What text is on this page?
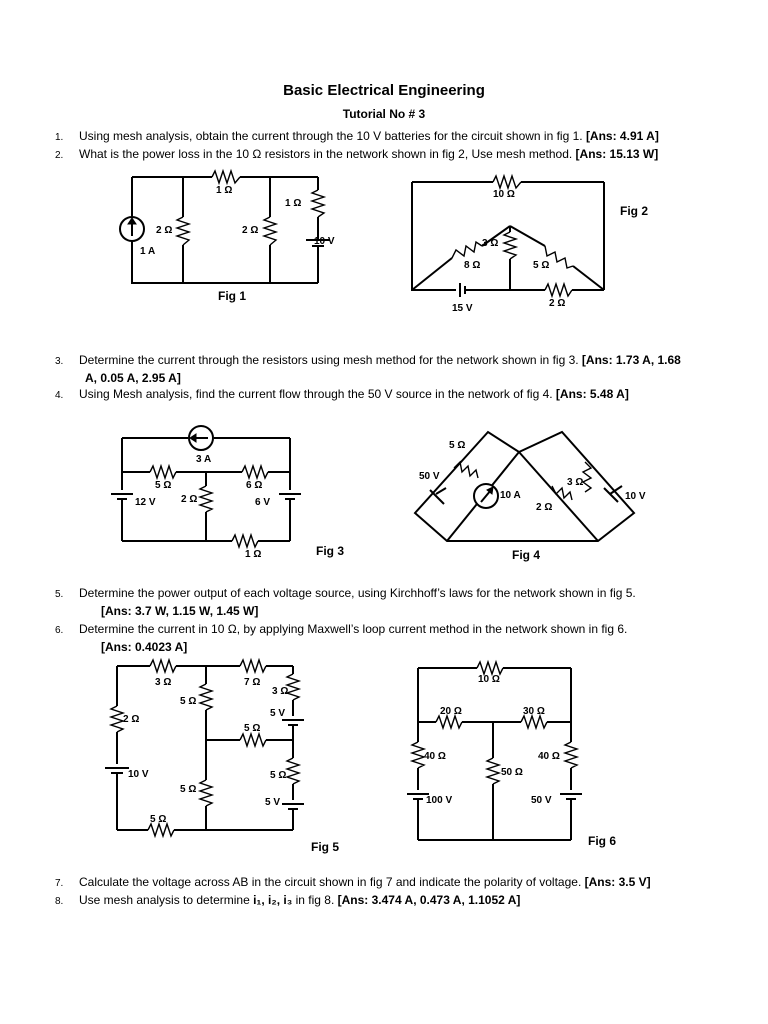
Basic Electrical Engineering
Tutorial No # 3
1. Using mesh analysis, obtain the current through the 10 V batteries for the circuit shown in fig 1. [Ans: 4.91 A]
2. What is the power loss in the 10 Ω resistors in the network shown in fig 2, Use mesh method. [Ans: 15.13 W]
3. Determine the current through the resistors using mesh method for the network shown in fig 3. [Ans: 1.73 A, 1.68
A, 0.05 A, 2.95 A]
4. Using Mesh analysis, find the current flow through the 50 V source in the network of fig 4. [Ans: 5.48 A]
5. Determine the power output of each voltage source, using Kirchhoff’s laws for the network shown in fig 5.
[Ans: 3.7 W, 1.15 W, 1.45 W]
6. Determine the current in 10 Ω, by applying Maxwell’s loop current method in the network shown in fig 6.
[Ans: 0.4023 A]
7. Calculate the voltage across AB in the circuit shown in fig 7 and indicate the polarity of voltage. [Ans: 3.5 V]
8. Use mesh analysis to determine i₁, i₂, i₃ in fig 8. [Ans: 3.474 A, 0.473 A, 1.1052 A]
1 Ω
2 Ω	2 Ω
1 Ω
10 V
1 A
Fig 1
10 Ω
3 Ω
8 Ω	5 Ω
2 Ω
15 V
Fig 2
3 A
5 Ω	6 Ω
2 Ω
12 V	6 V
1 Ω	Fig 3
5 Ω
50 V
10 A
3 Ω
2 Ω
10 V
Fig 4
3 Ω	7 Ω
5 Ω
3 Ω
5 V
2 Ω
5 Ω
10 V
5 Ω
5 Ω
5 V
5 Ω
Fig 5
10 Ω
20 Ω	30 Ω
40 Ω
50 Ω
40 Ω
100 V	50 V
Fig 6
